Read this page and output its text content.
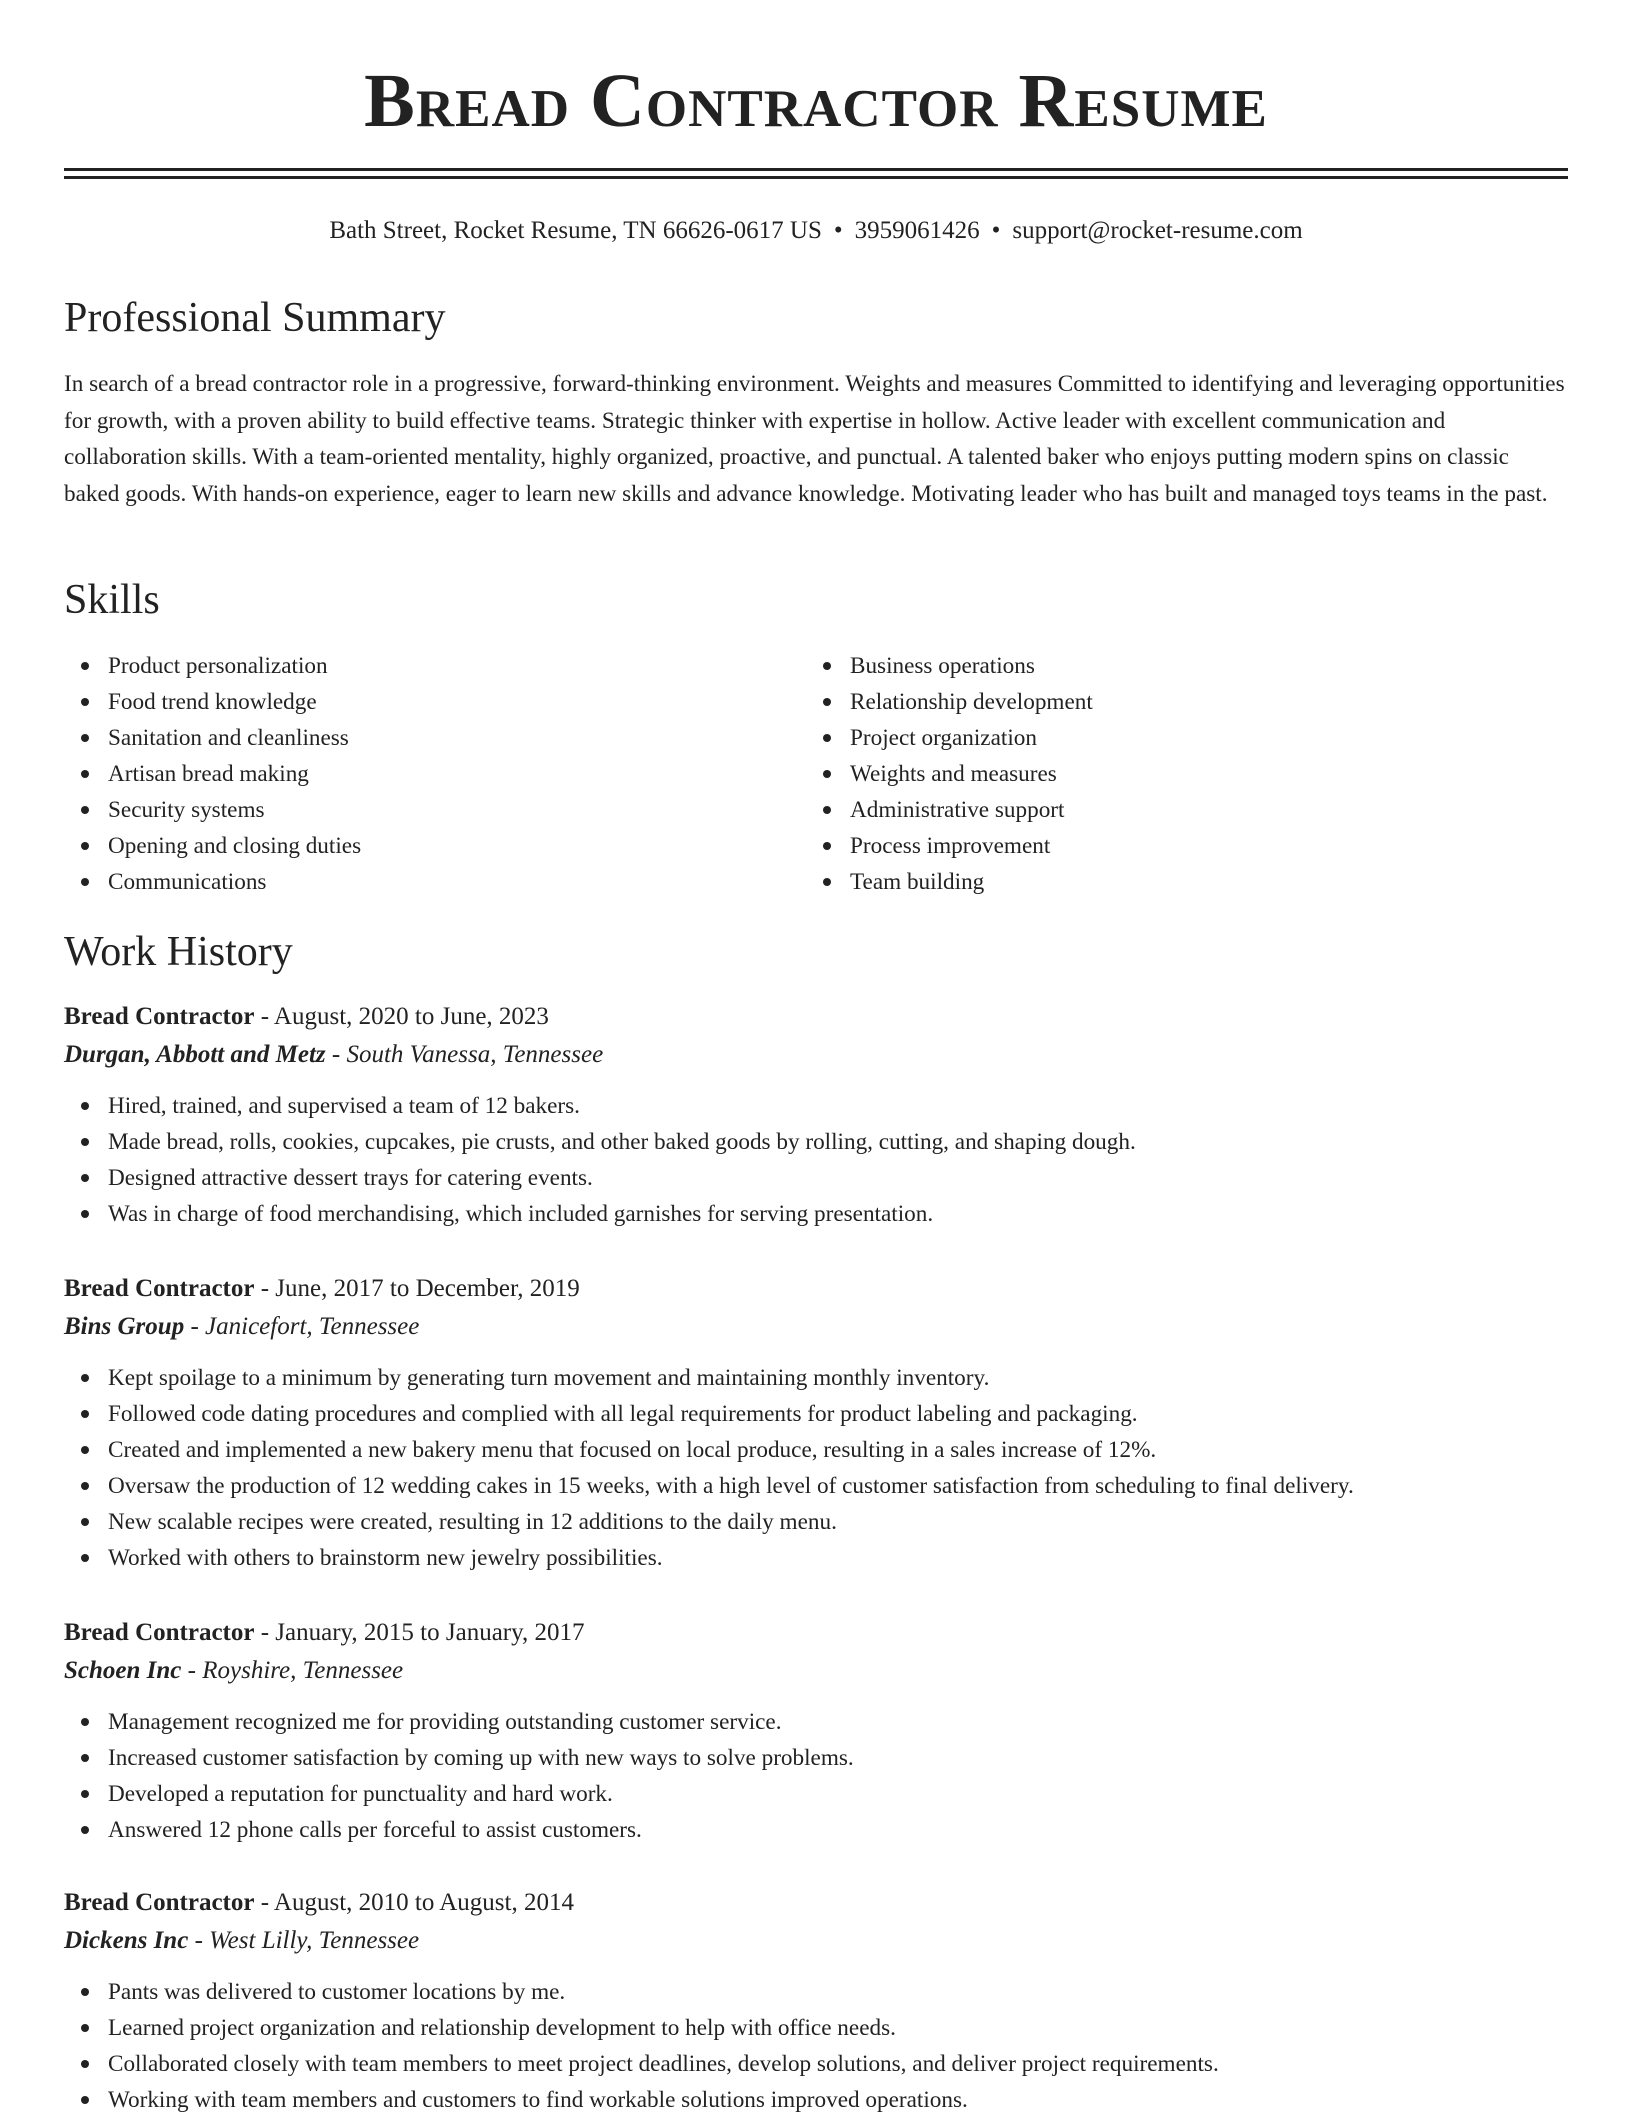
Bread Contractor Resume
Bath Street, Rocket Resume, TN 66626-0617 US • 3959061426 • support@rocket-resume.com
Professional Summary
In search of a bread contractor role in a progressive, forward-thinking environment. Weights and measures Committed to identifying and leveraging opportunities for growth, with a proven ability to build effective teams. Strategic thinker with expertise in hollow. Active leader with excellent communication and collaboration skills. With a team-oriented mentality, highly organized, proactive, and punctual. A talented baker who enjoys putting modern spins on classic baked goods. With hands-on experience, eager to learn new skills and advance knowledge. Motivating leader who has built and managed toys teams in the past.
Skills
Product personalization
Food trend knowledge
Sanitation and cleanliness
Artisan bread making
Security systems
Opening and closing duties
Communications
Business operations
Relationship development
Project organization
Weights and measures
Administrative support
Process improvement
Team building
Work History
Bread Contractor - August, 2020 to June, 2023
Durgan, Abbott and Metz - South Vanessa, Tennessee
Hired, trained, and supervised a team of 12 bakers.
Made bread, rolls, cookies, cupcakes, pie crusts, and other baked goods by rolling, cutting, and shaping dough.
Designed attractive dessert trays for catering events.
Was in charge of food merchandising, which included garnishes for serving presentation.
Bread Contractor - June, 2017 to December, 2019
Bins Group - Janicefort, Tennessee
Kept spoilage to a minimum by generating turn movement and maintaining monthly inventory.
Followed code dating procedures and complied with all legal requirements for product labeling and packaging.
Created and implemented a new bakery menu that focused on local produce, resulting in a sales increase of 12%.
Oversaw the production of 12 wedding cakes in 15 weeks, with a high level of customer satisfaction from scheduling to final delivery.
New scalable recipes were created, resulting in 12 additions to the daily menu.
Worked with others to brainstorm new jewelry possibilities.
Bread Contractor - January, 2015 to January, 2017
Schoen Inc - Royshire, Tennessee
Management recognized me for providing outstanding customer service.
Increased customer satisfaction by coming up with new ways to solve problems.
Developed a reputation for punctuality and hard work.
Answered 12 phone calls per forceful to assist customers.
Bread Contractor - August, 2010 to August, 2014
Dickens Inc - West Lilly, Tennessee
Pants was delivered to customer locations by me.
Learned project organization and relationship development to help with office needs.
Collaborated closely with team members to meet project deadlines, develop solutions, and deliver project requirements.
Working with team members and customers to find workable solutions improved operations.
